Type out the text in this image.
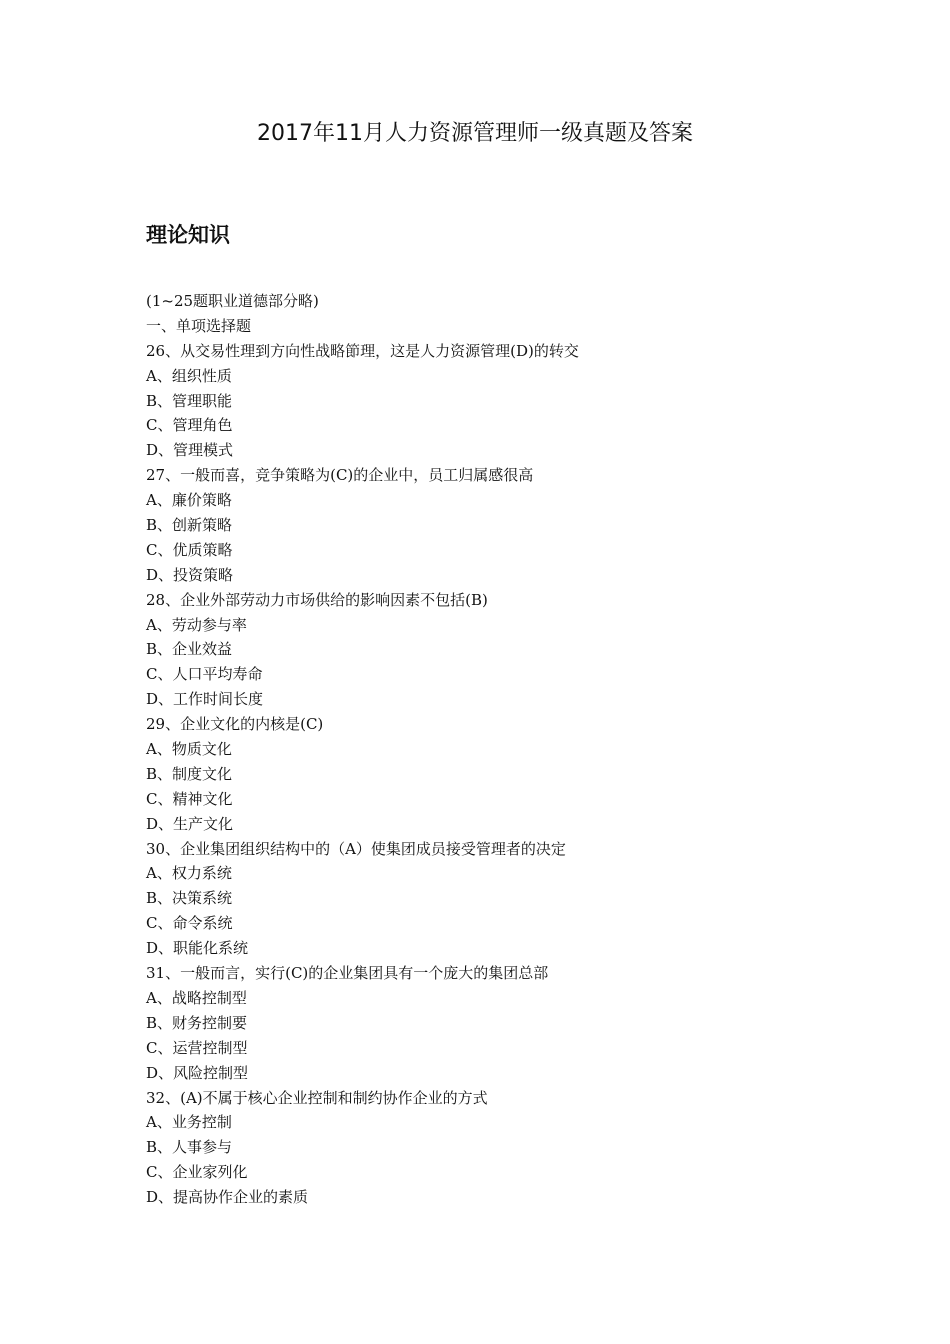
2017年11月人力资源管理师一级真题及答案
理论知识
(1~25题职业道德部分略)
一、单项选择题
26、从交易性理到方向性战略節理，这是人力资源管理(D)的转交
A、组织性质
B、管理职能
C、管理角色
D、管理模式
27、一般而喜，竞争策略为(C)的企业中，员工归属感很高
A、廉价策略
B、创新策略
C、优质策略
D、投资策略
28、企业外部劳动力市场供给的影响因素不包括(B)
A、劳动参与率
B、企业效益
C、人口平均寿命
D、工作时间长度
29、企业文化的内核是(C)
A、物质文化
B、制度文化
C、精神文化
D、生产文化
30、企业集团组织结构中的（A）使集团成员接受管理者的决定
A、权力系统
B、决策系统
C、命令系统
D、职能化系统
31、一般而言，实行(C)的企业集团具有一个庞大的集团总部
A、战略控制型
B、财务控制要
C、运营控制型
D、风险控制型
32、(A)不属于核心企业控制和制约协作企业的方式
A、业务控制
B、人事参与
C、企业家列化
D、提高协作企业的素质
